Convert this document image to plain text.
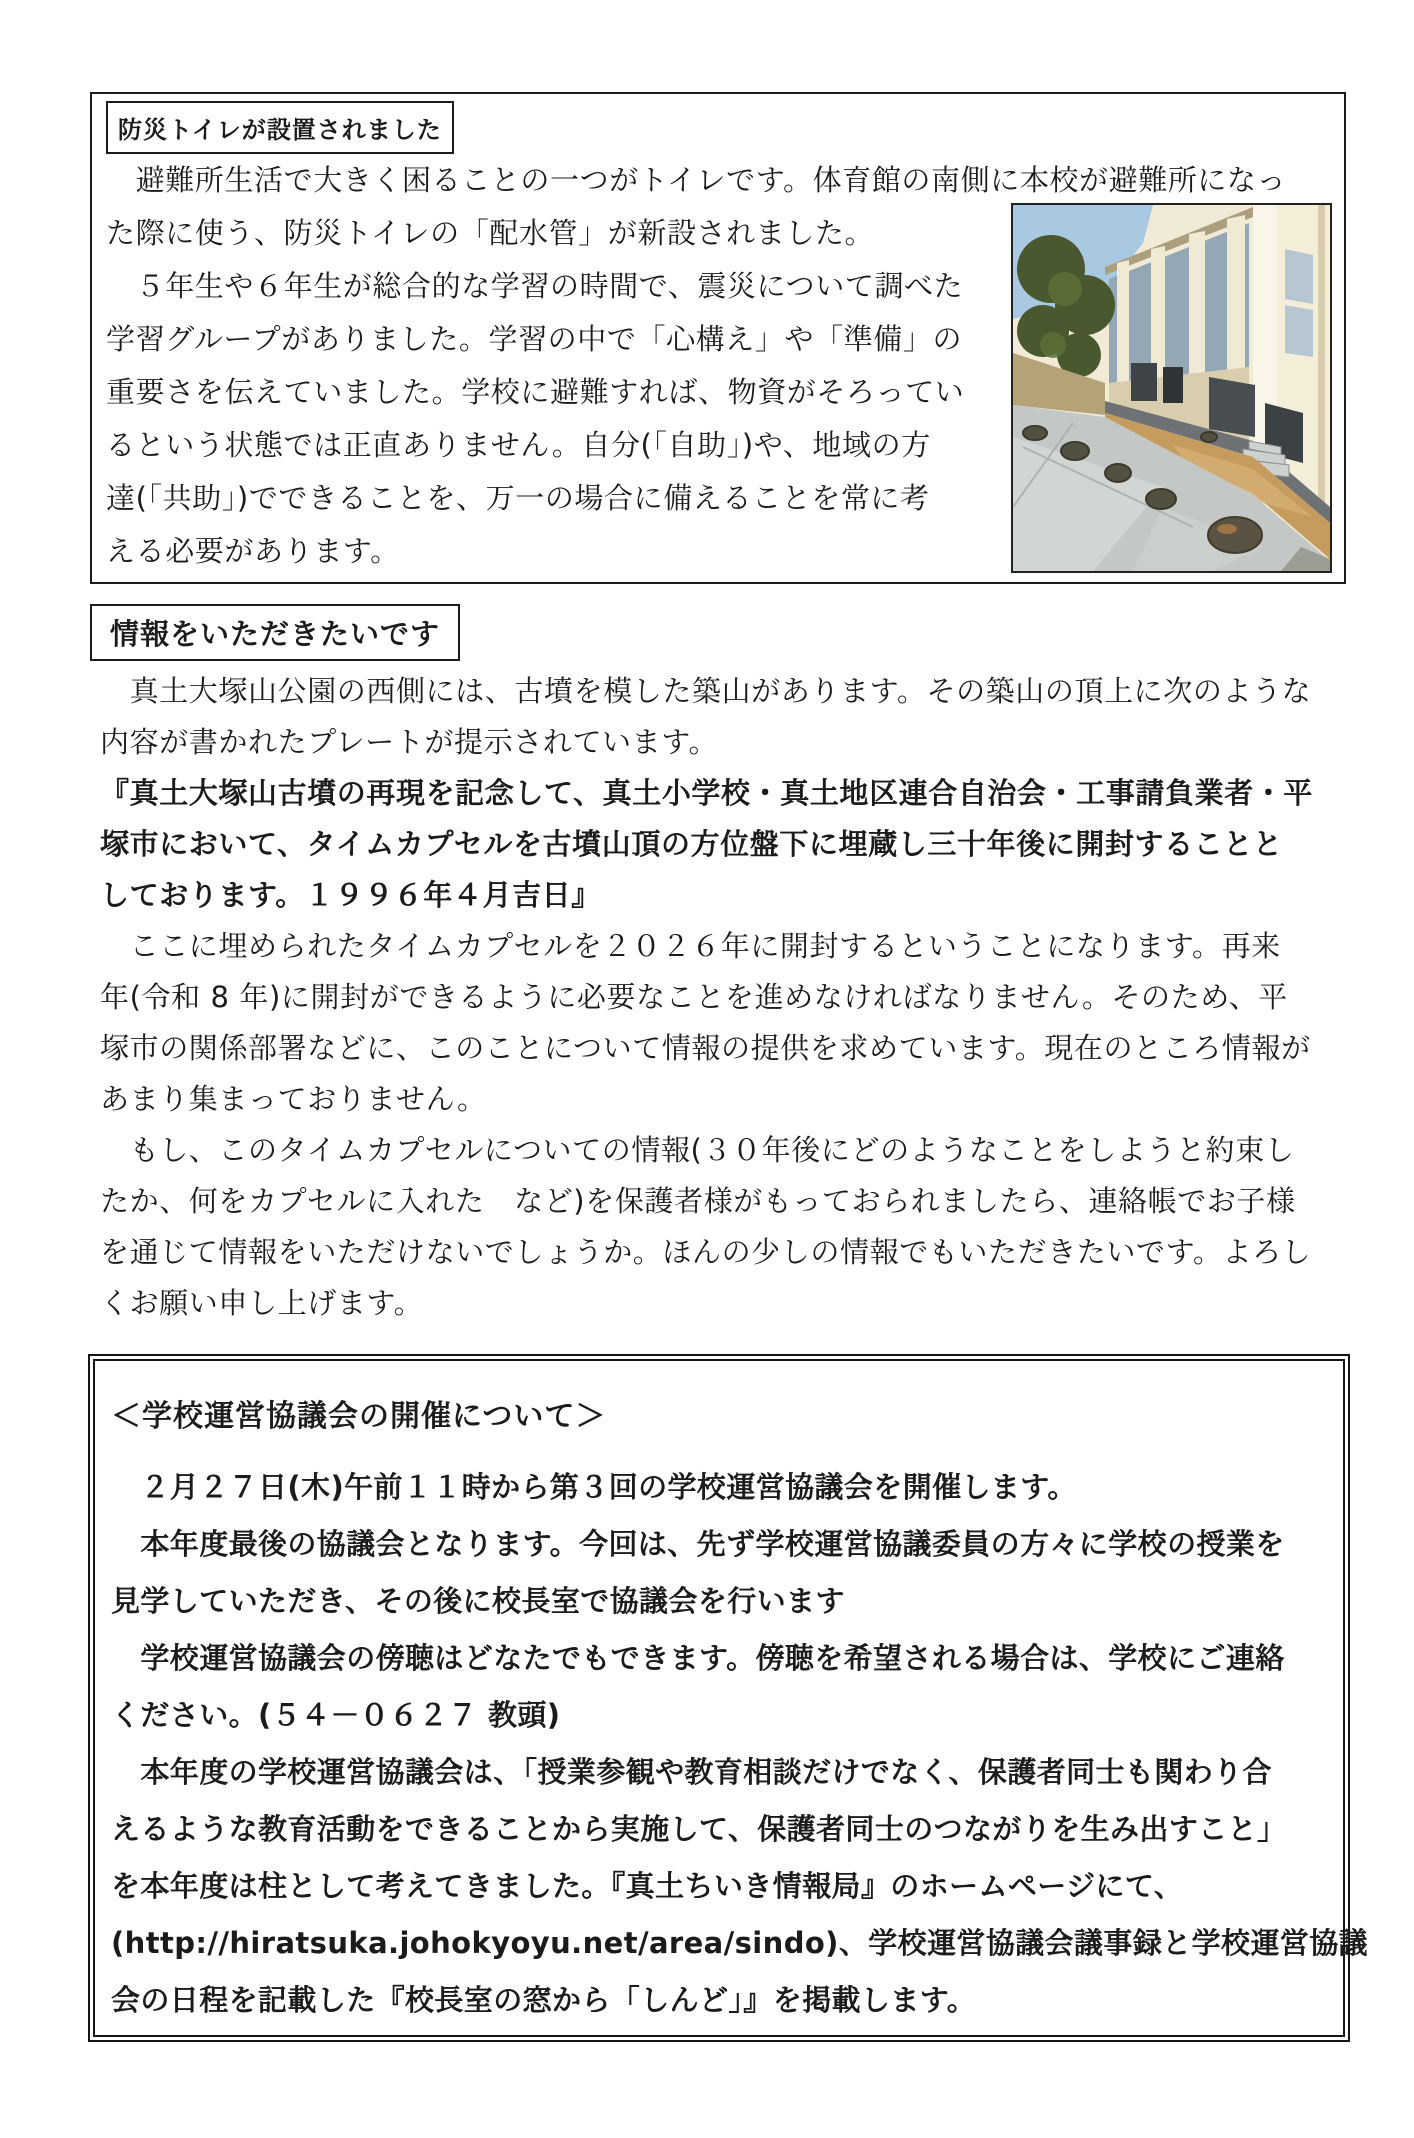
防災トイレが設置されました
　避難所生活で大きく困ることの一つがトイレです。体育館の南側に本校が避難所になっ
た際に使う、防災トイレの「配水管」が新設されました。
　５年生や６年生が総合的な学習の時間で、震災について調べた
学習グループがありました。学習の中で「心構え」や「準備」の
重要さを伝えていました。学校に避難すれば、物資がそろってい
るという状態では正直ありません。自分(「自助」)や、地域の方
達(「共助」)でできることを、万一の場合に備えることを常に考
える必要があります。
情報をいただきたいです
　真土大塚山公園の西側には、古墳を模した築山があります。その築山の頂上に次のような
内容が書かれたプレートが提示されています。
『真土大塚山古墳の再現を記念して、真土小学校・真土地区連合自治会・工事請負業者・平
塚市において、タイムカプセルを古墳山頂の方位盤下に埋蔵し三十年後に開封することと
しております。１９９６年４月吉日』
　ここに埋められたタイムカプセルを２０２６年に開封するということになります。再来
年(令和 8 年)に開封ができるように必要なことを進めなければなりません。そのため、平
塚市の関係部署などに、このことについて情報の提供を求めています。現在のところ情報が
あまり集まっておりません。
　もし、このタイムカプセルについての情報(３０年後にどのようなことをしようと約束し
たか、何をカプセルに入れた　など)を保護者様がもっておられましたら、連絡帳でお子様
を通じて情報をいただけないでしょうか。ほんの少しの情報でもいただきたいです。よろし
くお願い申し上げます。
＜学校運営協議会の開催について＞
　２月２７日(木)午前１１時から第３回の学校運営協議会を開催します。
　本年度最後の協議会となります。今回は、先ず学校運営協議委員の方々に学校の授業を
見学していただき、その後に校長室で協議会を行います
　学校運営協議会の傍聴はどなたでもできます。傍聴を希望される場合は、学校にご連絡
ください。(５４－０６２７ 教頭)
　本年度の学校運営協議会は、「授業参観や教育相談だけでなく、保護者同士も関わり合
えるような教育活動をできることから実施して、保護者同士のつながりを生み出すこと」
を本年度は柱として考えてきました。『真土ちいき情報局』のホームページにて、
(http://hiratsuka.johokyoyu.net/area/sindo)、学校運営協議会議事録と学校運営協議
会の日程を記載した『校長室の窓から「しんど」』を掲載します。
